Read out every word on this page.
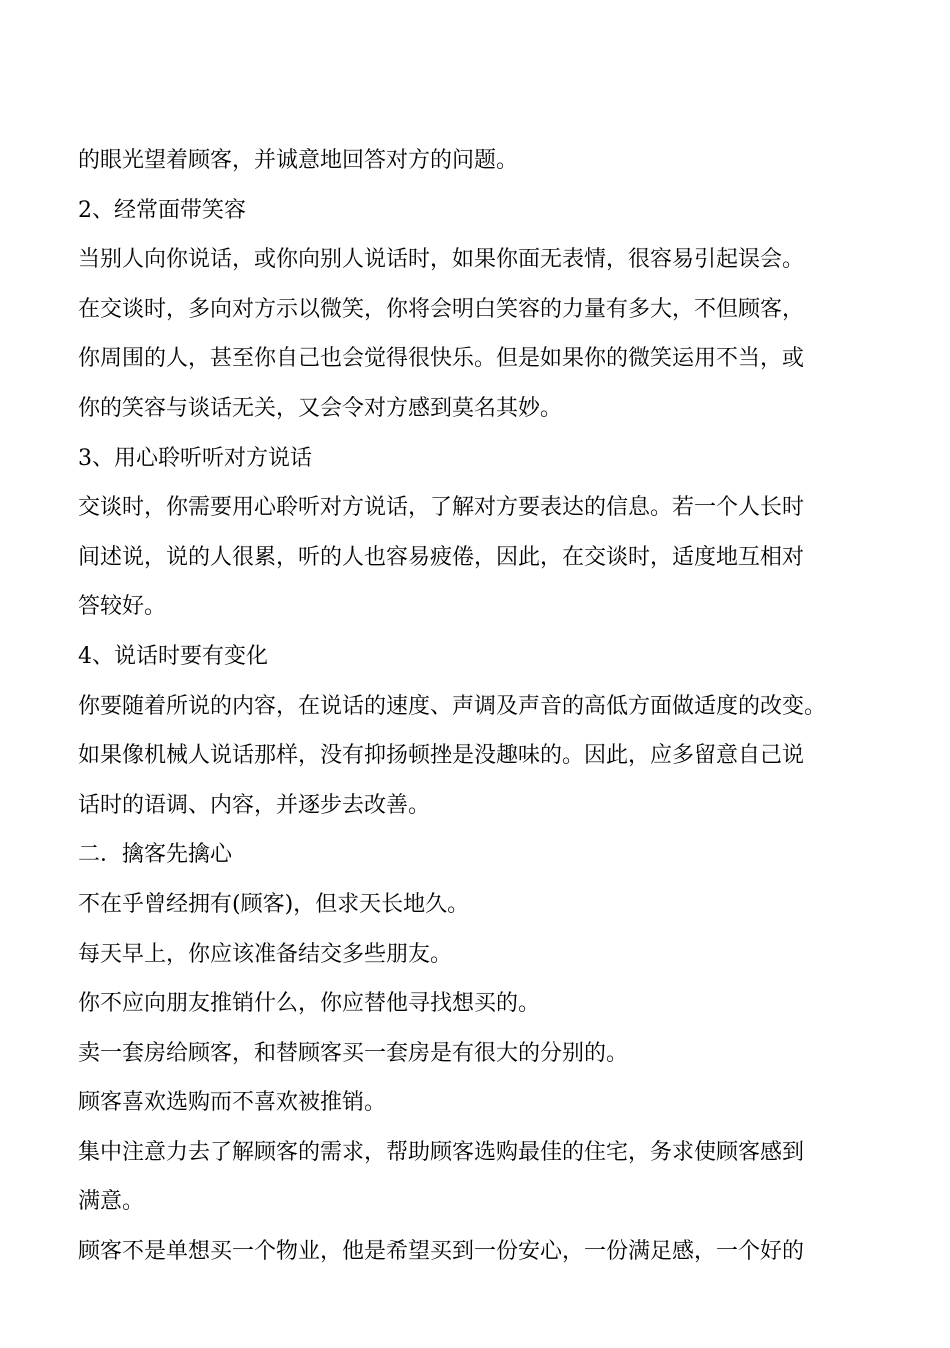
的眼光望着顾客，并诚意地回答对方的问题。

2、经常面带笑容

当别人向你说话，或你向别人说话时，如果你面无表情，很容易引起误会。

在交谈时，多向对方示以微笑，你将会明白笑容的力量有多大，不但顾客，

你周围的人，甚至你自己也会觉得很快乐。但是如果你的微笑运用不当，或

你的笑容与谈话无关，又会令对方感到莫名其妙。

3、用心聆听听对方说话

交谈时，你需要用心聆听对方说话，了解对方要表达的信息。若一个人长时

间述说，说的人很累，听的人也容易疲倦，因此，在交谈时，适度地互相对

答较好。

4、说话时要有变化

你要随着所说的内容，在说话的速度、声调及声音的高低方面做适度的改变。

如果像机械人说话那样，没有抑扬顿挫是没趣味的。因此，应多留意自己说

话时的语调、内容，并逐步去改善。

二．擒客先擒心

不在乎曾经拥有(顾客)，但求天长地久。

每天早上，你应该准备结交多些朋友。

你不应向朋友推销什么，你应替他寻找想买的。

卖一套房给顾客，和替顾客买一套房是有很大的分别的。

顾客喜欢选购而不喜欢被推销。

集中注意力去了解顾客的需求，帮助顾客选购最佳的住宅，务求使顾客感到

满意。

顾客不是单想买一个物业，他是希望买到一份安心，一份满足感，一个好的
